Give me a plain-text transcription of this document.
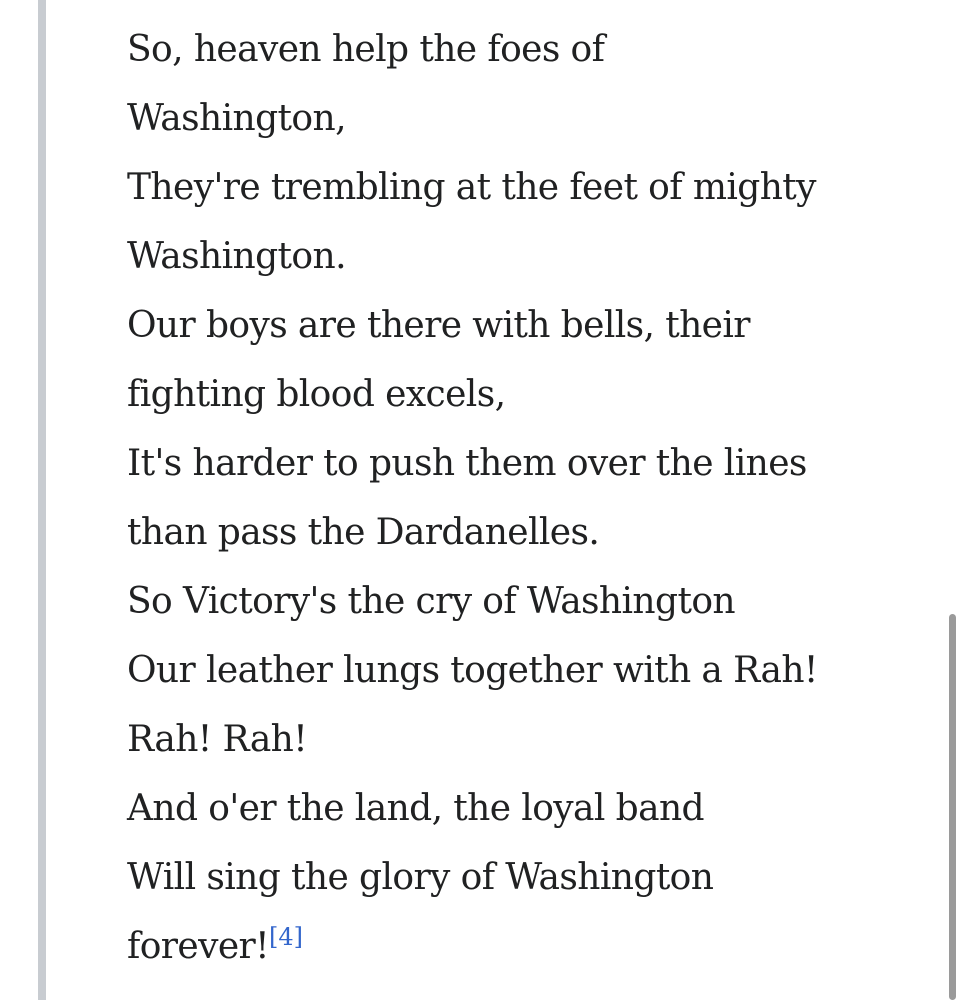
So, heaven help the foes of
Washington,
They're trembling at the feet of mighty
Washington.
Our boys are there with bells, their
fighting blood excels,
It's harder to push them over the lines
than pass the Dardanelles.
So Victory's the cry of Washington
Our leather lungs together with a Rah!
Rah! Rah!
And o'er the land, the loyal band
Will sing the glory of Washington
forever![4]
